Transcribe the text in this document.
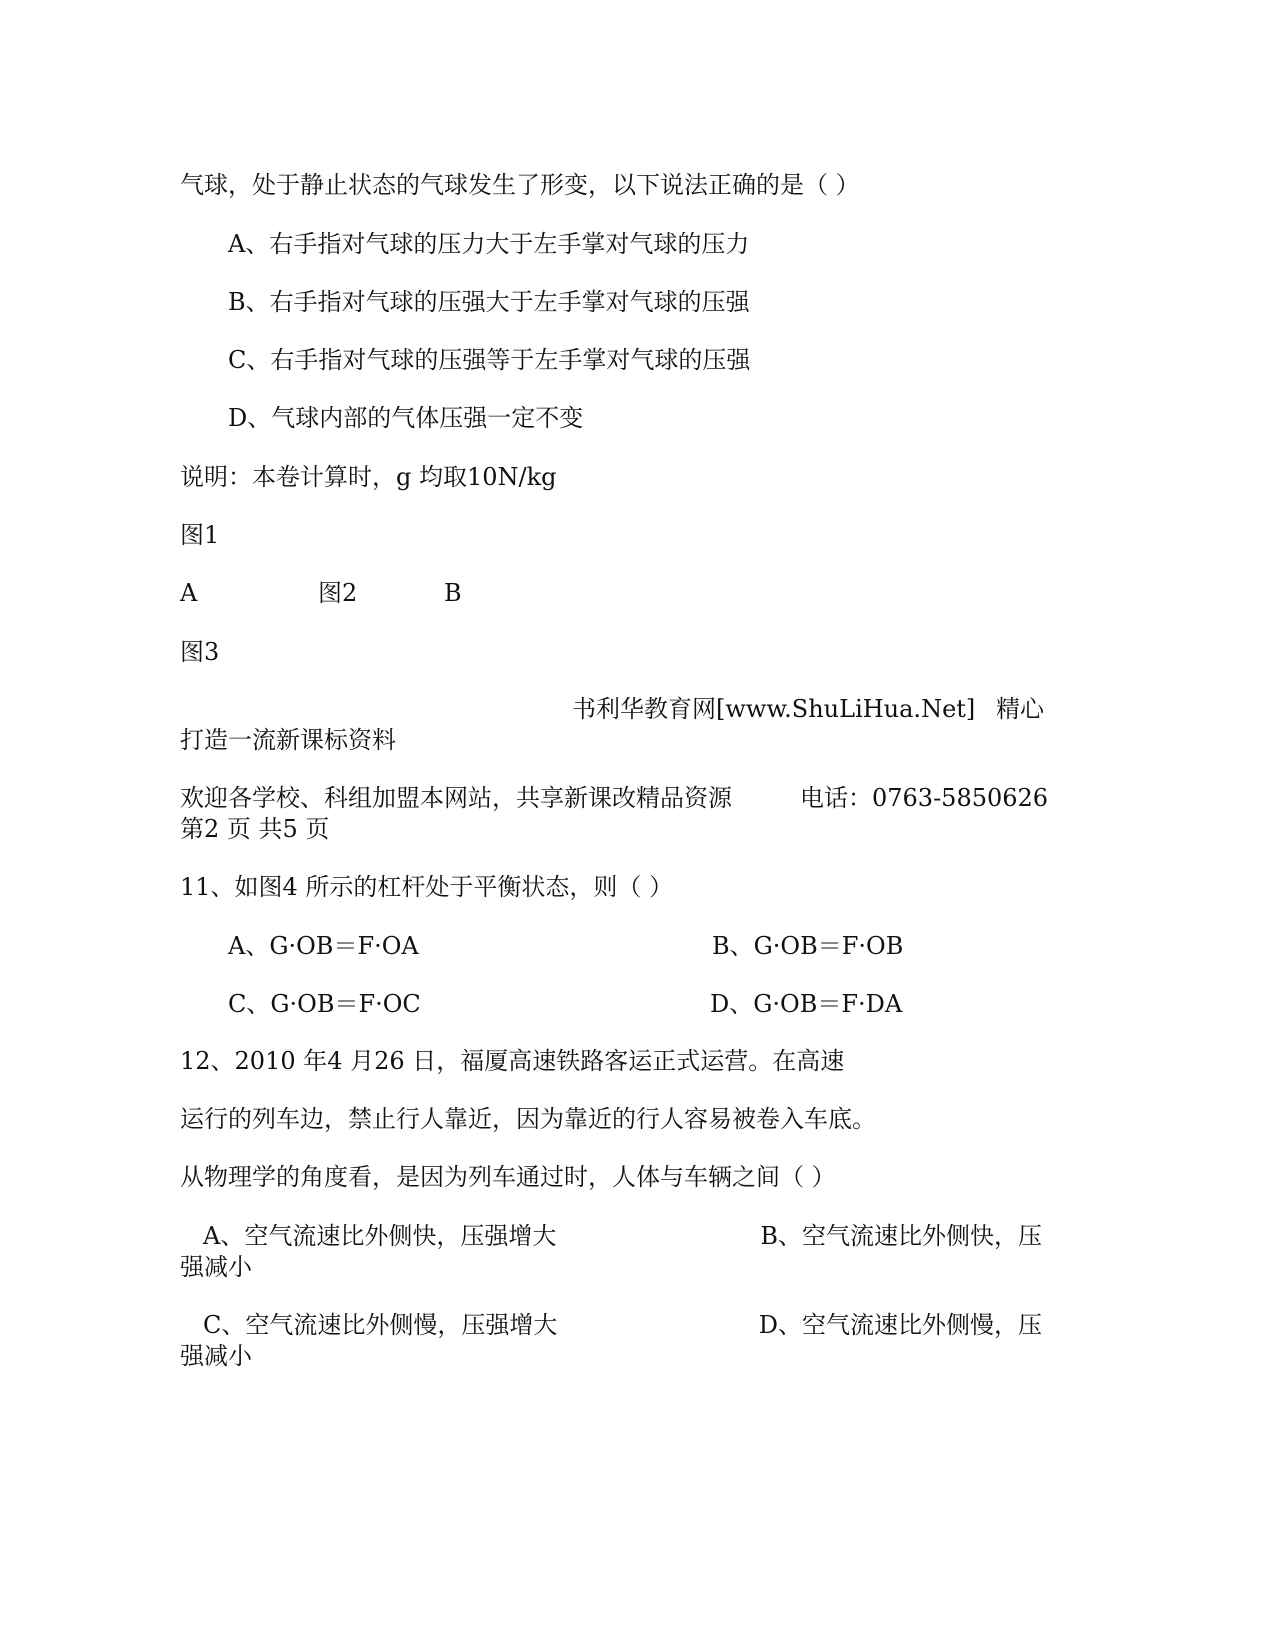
气球，处于静止状态的气球发生了形变，以下说法正确的是（ ）
A、右手指对气球的压力大于左手掌对气球的压力
B、右手指对气球的压强大于左手掌对气球的压强
C、右手指对气球的压强等于左手掌对气球的压强
D、气球内部的气体压强一定不变
说明：本卷计算时，g 均取10N/kg
图1
A	图2	B
图3
书利华教育网[www.ShuLiHua.Net] 精心
打造一流新课标资料
欢迎各学校、科组加盟本网站，共享新课改精品资源	电话：0763-5850626
第2 页 共5 页
11、如图4 所示的杠杆处于平衡状态，则（ ）
A、G·OB＝F·OA	B、G·OB＝F·OB
C、G·OB＝F·OC	D、G·OB＝F·DA
12、2010 年4 月26 日，福厦高速铁路客运正式运营。在高速
运行的列车边，禁止行人靠近，因为靠近的行人容易被卷入车底。
从物理学的角度看，是因为列车通过时，人体与车辆之间（ ）
A、空气流速比外侧快，压强增大	B、空气流速比外侧快，压
强减小
C、空气流速比外侧慢，压强增大	D、空气流速比外侧慢，压
强减小
